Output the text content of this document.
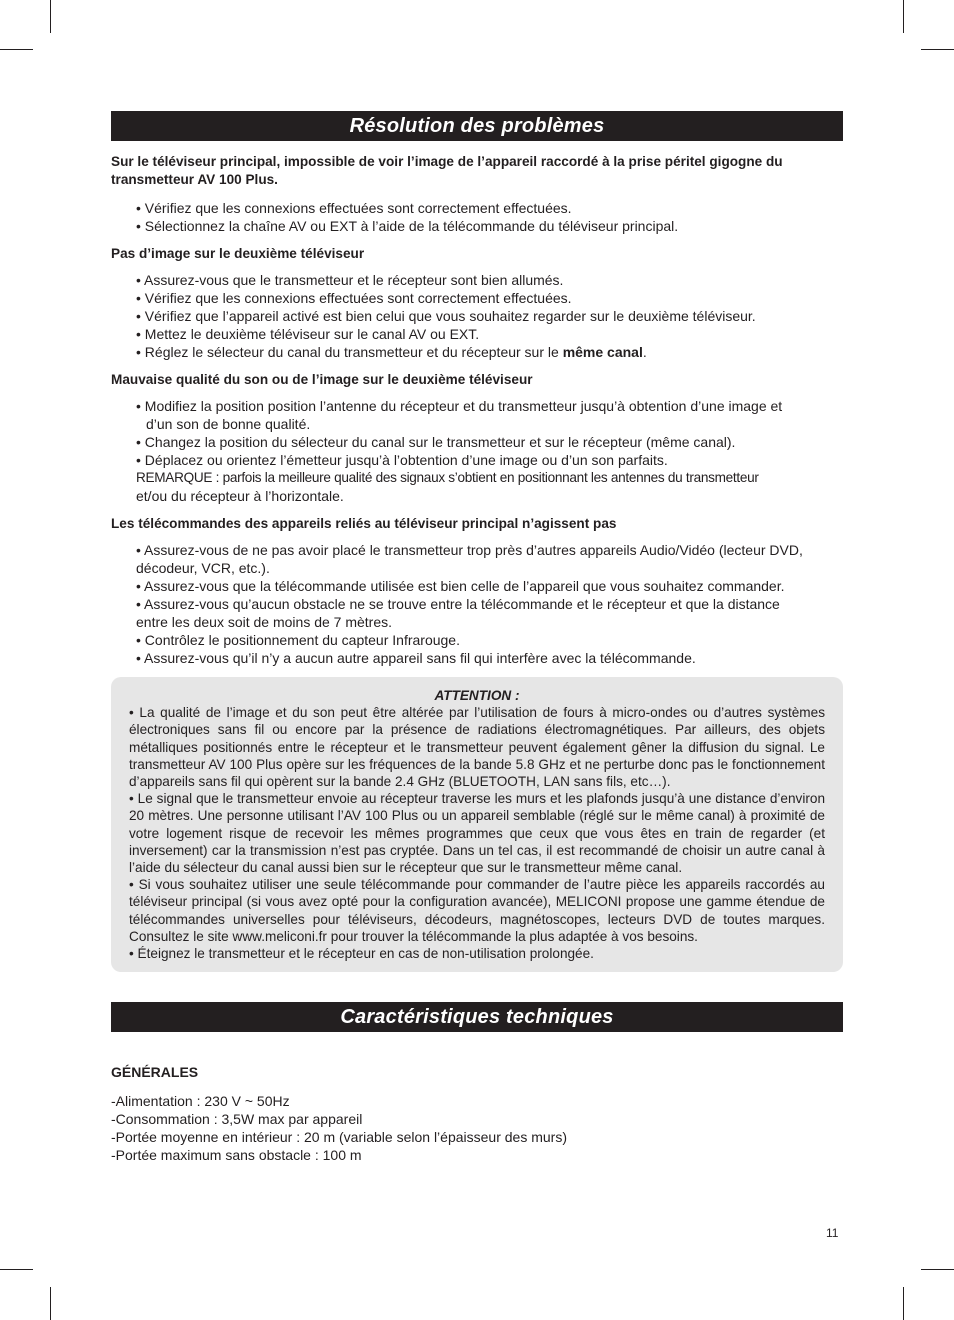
Résolution des problèmes
Sur le téléviseur principal, impossible de voir l’image de l’appareil raccordé à la prise péritel gigogne du transmetteur AV 100 Plus.

• Vérifiez que les connexions effectuées sont correctement effectuées.

• Sélectionnez la chaîne AV ou EXT à l’aide de la télécommande du téléviseur principal.

Pas d’image sur le deuxième téléviseur

• Assurez-vous que le transmetteur et le récepteur sont bien allumés.

• Vérifiez que les connexions effectuées sont correctement effectuées.

• Vérifiez que l’appareil activé est bien celui que vous souhaitez regarder sur le deuxième téléviseur.

• Mettez le deuxième téléviseur sur le canal AV ou EXT.

• Réglez le sélecteur du canal du transmetteur et du récepteur sur le même canal.

Mauvaise qualité du son ou de l’image sur le deuxième téléviseur

• Modifiez la position position l’antenne du récepteur et du transmetteur jusqu’à obtention d’une image et

d’un son de bonne qualité.

• Changez la position du sélecteur du canal sur le transmetteur et sur le récepteur (même canal).

• Déplacez ou orientez l’émetteur jusqu’à l’obtention d’une image ou d’un son parfaits.

REMARQUE : parfois la meilleure qualité des signaux s’obtient en positionnant les antennes du transmetteur

et/ou du récepteur à l’horizontale.

Les télécommandes des appareils reliés au téléviseur principal n’agissent pas

• Assurez-vous de ne pas avoir placé le transmetteur trop près d’autres appareils Audio/Vidéo (lecteur DVD,

décodeur, VCR, etc.).

• Assurez-vous que la télécommande utilisée est bien celle de l’appareil que vous souhaitez commander.

• Assurez-vous qu’aucun obstacle ne se trouve entre la télécommande et le récepteur et que la distance

entre les deux soit de moins de 7 mètres.

• Contrôlez le positionnement du capteur Infrarouge.

• Assurez-vous qu’il n’y a aucun autre appareil sans fil qui interfère avec la télécommande.

ATTENTION :

• La qualité de l’image et du son peut être altérée par l’utilisation de fours à micro-ondes ou d’autres systèmes électroniques sans fil ou encore par la présence de radiations électromagnétiques. Par ailleurs, des objets métalliques positionnés entre le récepteur et le transmetteur peuvent également gêner la diffusion du signal. Le transmetteur AV 100 Plus opère sur les fréquences de la bande 5.8 GHz et ne perturbe donc pas le fonctionnement d’appareils sans fil qui opèrent sur la bande 2.4 GHz (BLUETOOTH, LAN sans fils, etc…).

• Le signal que le transmetteur envoie au récepteur traverse les murs et les plafonds jusqu’à une distance d’environ 20 mètres. Une personne utilisant l’AV 100 Plus ou un appareil semblable (réglé sur le même canal) à proximité de votre logement risque de recevoir les mêmes programmes que ceux que vous êtes en train de regarder (et inversement) car la transmission n’est pas cryptée. Dans un tel cas, il est recommandé de choisir un autre canal à l’aide du sélecteur du canal aussi bien sur le récepteur que sur le transmetteur même canal.

• Si vous souhaitez utiliser une seule télécommande pour commander de l’autre pièce les appareils raccordés au téléviseur principal (si vous avez opté pour la configuration avancée), MELICONI propose une gamme étendue de télécommandes universelles pour téléviseurs, décodeurs, magnétoscopes, lecteurs DVD de toutes marques. Consultez le site www.meliconi.fr pour trouver la télécommande la plus adaptée à vos besoins.

• Éteignez le transmetteur et le récepteur en cas de non-utilisation prolongée.

Caractéristiques techniques
GÉNÉRALES

-Alimentation : 230 V ~ 50Hz

-Consommation : 3,5W max par appareil

-Portée moyenne en intérieur : 20 m (variable selon l’épaisseur des murs)

-Portée maximum sans obstacle : 100 m

11
